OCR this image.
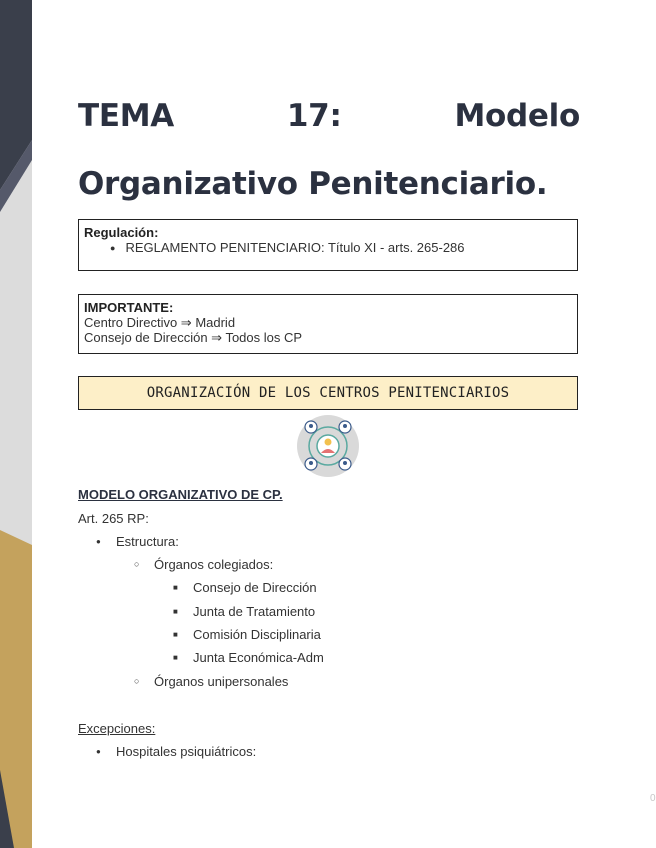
TEMA	17:	Modelo
Organizativo Penitenciario.
Regulación:
● REGLAMENTO PENITENCIARIO: Título XI - arts. 265-286
IMPORTANTE:
Centro Directivo ⇒ Madrid
Consejo de Dirección ⇒ Todos los CP
ORGANIZACIÓN DE LOS CENTROS PENITENCIARIOS
MODELO ORGANIZATIVO DE CP.
Art. 265 RP:
● Estructura:
○ Órganos colegiados:
■ Consejo de Dirección
■ Junta de Tratamiento
■ Comisión Disciplinaria
■ Junta Económica-Adm
○ Órganos unipersonales
Excepciones:
● Hospitales psiquiátricos:
0
